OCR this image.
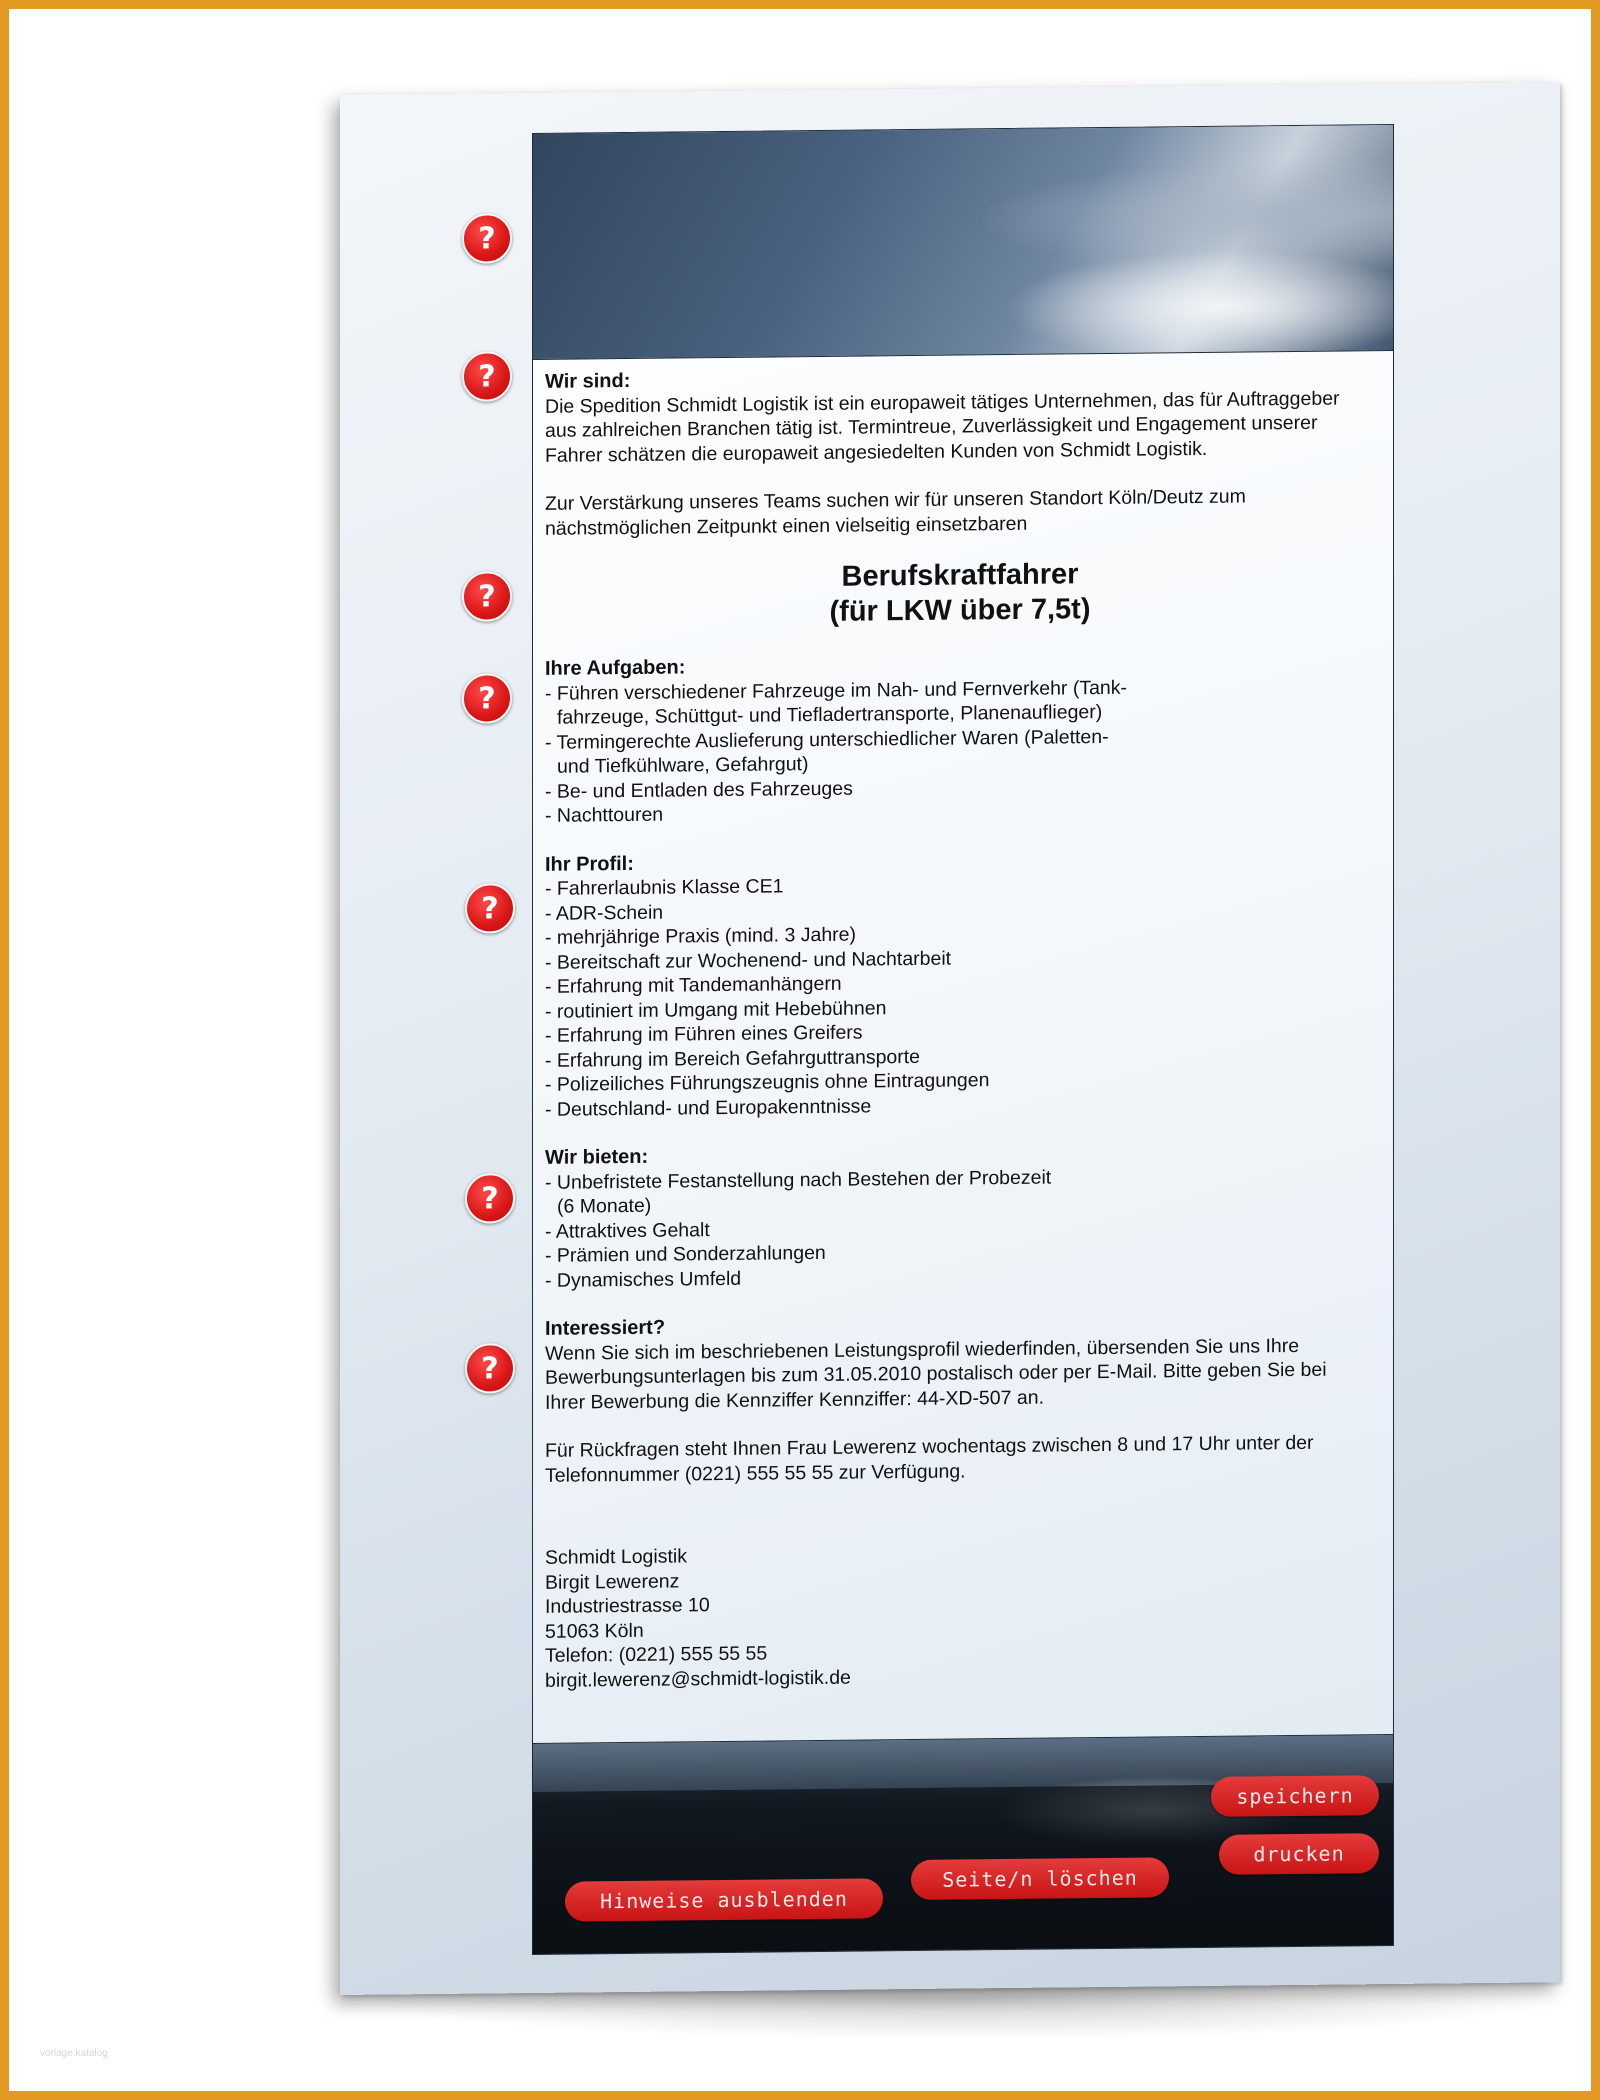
?
?
?
?
?
?
?
Wir sind:
Die Spedition Schmidt Logistik ist ein europaweit tätiges Unternehmen, das für Auftraggeber
aus zahlreichen Branchen tätig ist. Termintreue, Zuverlässigkeit und Engagement unserer
Fahrer schätzen die europaweit angesiedelten Kunden von Schmidt Logistik.
Zur Verstärkung unseres Teams suchen wir für unseren Standort Köln/Deutz zum
nächstmöglichen Zeitpunkt einen vielseitig einsetzbaren
Berufskraftfahrer
(für LKW über 7,5t)
Ihre Aufgaben:
- Führen verschiedener Fahrzeuge im Nah- und Fernverkehr (Tank-
fahrzeuge, Schüttgut- und Tiefladertransporte, Planenauflieger)
- Termingerechte Auslieferung unterschiedlicher Waren (Paletten-
und Tiefkühlware, Gefahrgut)
- Be- und Entladen des Fahrzeuges
- Nachttouren
Ihr Profil:
- Fahrerlaubnis Klasse CE1
- ADR-Schein
- mehrjährige Praxis (mind. 3 Jahre)
- Bereitschaft zur Wochenend- und Nachtarbeit
- Erfahrung mit Tandemanhängern
- routiniert im Umgang mit Hebebühnen
- Erfahrung im Führen eines Greifers
- Erfahrung im Bereich Gefahrguttransporte
- Polizeiliches Führungszeugnis ohne Eintragungen
- Deutschland- und Europakenntnisse
Wir bieten:
- Unbefristete Festanstellung nach Bestehen der Probezeit
(6 Monate)
- Attraktives Gehalt
- Prämien und Sonderzahlungen
- Dynamisches Umfeld
Interessiert?
Wenn Sie sich im beschriebenen Leistungsprofil wiederfinden, übersenden Sie uns Ihre
Bewerbungsunterlagen bis zum 31.05.2010 postalisch oder per E-Mail. Bitte geben Sie bei
Ihrer Bewerbung die Kennziffer Kennziffer: 44-XD-507 an.
Für Rückfragen steht Ihnen Frau Lewerenz wochentags zwischen 8 und 17 Uhr unter der
Telefonnummer (0221) 555 55 55 zur Verfügung.
Schmidt Logistik
Birgit Lewerenz
Industriestrasse 10
51063 Köln
Telefon: (0221) 555 55 55
birgit.lewerenz@schmidt-logistik.de
speichern
drucken
Seite/n löschen
Hinweise ausblenden
vorlage.katalog
